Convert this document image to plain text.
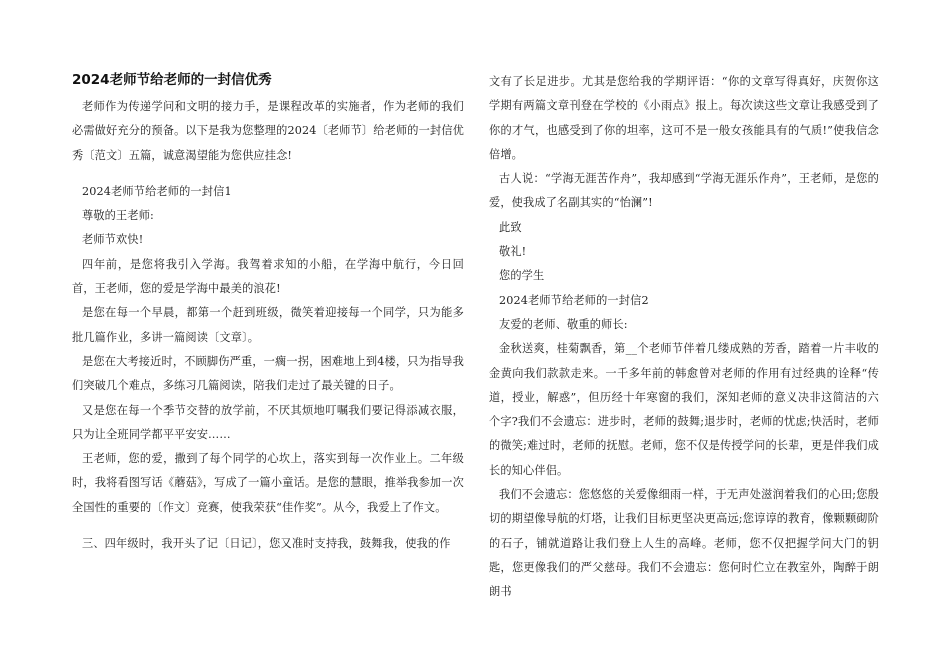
2024老师节给老师的一封信优秀

老师作为传递学问和文明的接力手，是课程改革的实施者，作为老师的我们必需做好充分的预备。以下是我为您整理的2024〔老师节〕给老师的一封信优秀〔范文〕五篇，诚意渴望能为您供应挂念!

2024老师节给老师的一封信1

尊敬的王老师:

老师节欢快!

四年前，是您将我引入学海。我驾着求知的小船，在学海中航行，今日回首，王老师，您的爱是学海中最美的浪花!

是您在每一个早晨，都第一个赶到班级，微笑着迎接每一个同学，只为能多批几篇作业，多讲一篇阅读〔文章〕。

是您在大考接近时，不顾脚伤严重，一瘸一拐，困难地上到4楼，只为指导我们突破几个难点，多练习几篇阅读，陪我们走过了最关键的日子。

又是您在每一个季节交替的放学前，不厌其烦地叮嘱我们要记得添减衣服，只为让全班同学都平平安安……

王老师，您的爱，撒到了每个同学的心坎上，落实到每一次作业上。二年级时，我将看图写话《蘑菇》，写成了一篇小童话。是您的慧眼，推举我参加一次全国性的重要的〔作文〕竞赛，使我荣获“佳作奖”。从今，我爱上了作文。

三、四年级时，我开头了记〔日记〕，您又准时支持我，鼓舞我，使我的作

文有了长足进步。尤其是您给我的学期评语：“你的文章写得真好，庆贺你这学期有两篇文章刊登在学校的《小雨点》报上。每次读这些文章让我感受到了你的才气，也感受到了你的坦率，这可不是一般女孩能具有的气质!”使我信念倍增。

古人说：“学海无涯苦作舟”，我却感到“学海无涯乐作舟”，王老师，是您的爱，使我成了名副其实的“怡澜”!

此致

敬礼!

您的学生

2024老师节给老师的一封信2

友爱的老师、敬重的师长:

金秋送爽，桂菊飘香，第__个老师节伴着几缕成熟的芳香，踏着一片丰收的金黄向我们款款走来。一千多年前的韩愈曾对老师的作用有过经典的诠释“传道，授业，解惑”，但历经十年寒窗的我们，深知老师的意义决非这简洁的六个字?我们不会遗忘：进步时，老师的鼓舞;退步时，老师的忧虑;快活时，老师的微笑;难过时，老师的抚慰。老师，您不仅是传授学问的长辈，更是伴我们成长的知心伴侣。

我们不会遗忘：您悠悠的关爱像细雨一样，于无声处滋润着我们的心田;您殷切的期望像导航的灯塔，让我们目标更坚决更高远;您谆谆的教育，像颗颗砌阶的石子，铺就道路让我们登上人生的高峰。老师，您不仅把握学问大门的钥匙，您更像我们的严父慈母。我们不会遗忘：您何时伫立在教室外，陶醉于朗朗书
